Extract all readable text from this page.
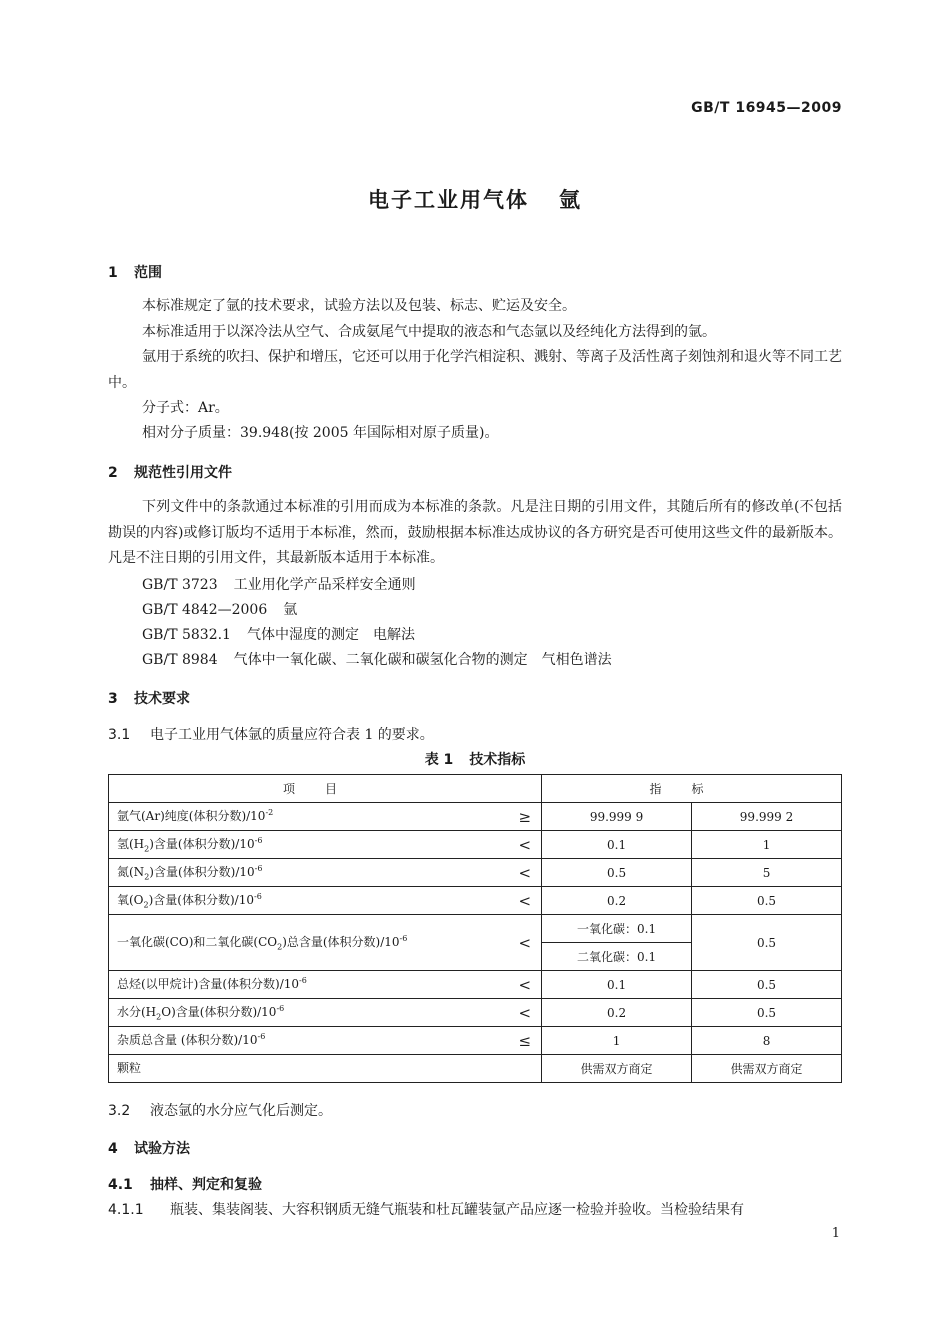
GB/T 16945—2009
电子工业用气体 氩
1 范围
本标准规定了氩的技术要求，试验方法以及包装、标志、贮运及安全。
本标准适用于以深冷法从空气、合成氨尾气中提取的液态和气态氩以及经纯化方法得到的氩。
氩用于系统的吹扫、保护和增压，它还可以用于化学汽相淀积、溅射、等离子及活性离子刻蚀剂和退火等不同工艺中。
分子式：Ar。
相对分子质量：39.948(按 2005 年国际相对原子质量)。
2 规范性引用文件
下列文件中的条款通过本标准的引用而成为本标准的条款。凡是注日期的引用文件，其随后所有的修改单(不包括勘误的内容)或修订版均不适用于本标准，然而，鼓励根据本标准达成协议的各方研究是否可使用这些文件的最新版本。凡是不注日期的引用文件，其最新版本适用于本标准。
GB/T 3723 工业用化学产品采样安全通则
GB/T 4842—2006 氩
GB/T 5832.1 气体中湿度的测定　电解法
GB/T 8984 气体中一氧化碳、二氧化碳和碳氢化合物的测定　气相色谱法
3 技术要求
3.1 电子工业用气体氩的质量应符合表 1 的要求。
表 1 技术指标
项目	指标	
氩气(Ar)纯度(体积分数)$/10^{-2}$ ≥	99.999 9	99.999 2
氢$(H_2)$含量(体积分数)$/10^{-6}$ <	0.1	1
氮$(N_2)$含量(体积分数)$/10^{-6}$ <	0.5	5
氧$(O_2)$含量(体积分数)$/10^{-6}$ <	0.2	0.5
一氧化碳(CO)和二氧化碳$(CO_2)$总含量(体积分数)$/10^{-6}$ <	一氧化碳：0.1	0.5
	二氧化碳：0.1	
总烃(以甲烷计)含量(体积分数)$/10^{-6}$ <	0.1	0.5
水分$(H_2O)$含量(体积分数)$/10^{-6}$ <	0.2	0.5
杂质总含量 (体积分数)$/10^{-6}$ ≤	1	8
颗粒	供需双方商定	供需双方商定
3.2 液态氩的水分应气化后测定。
4 试验方法
4.1 抽样、判定和复验
4.1.1 瓶装、集装阁装、大容积钢质无缝气瓶装和杜瓦罐装氩产品应逐一检验并验收。当检验结果有
1
